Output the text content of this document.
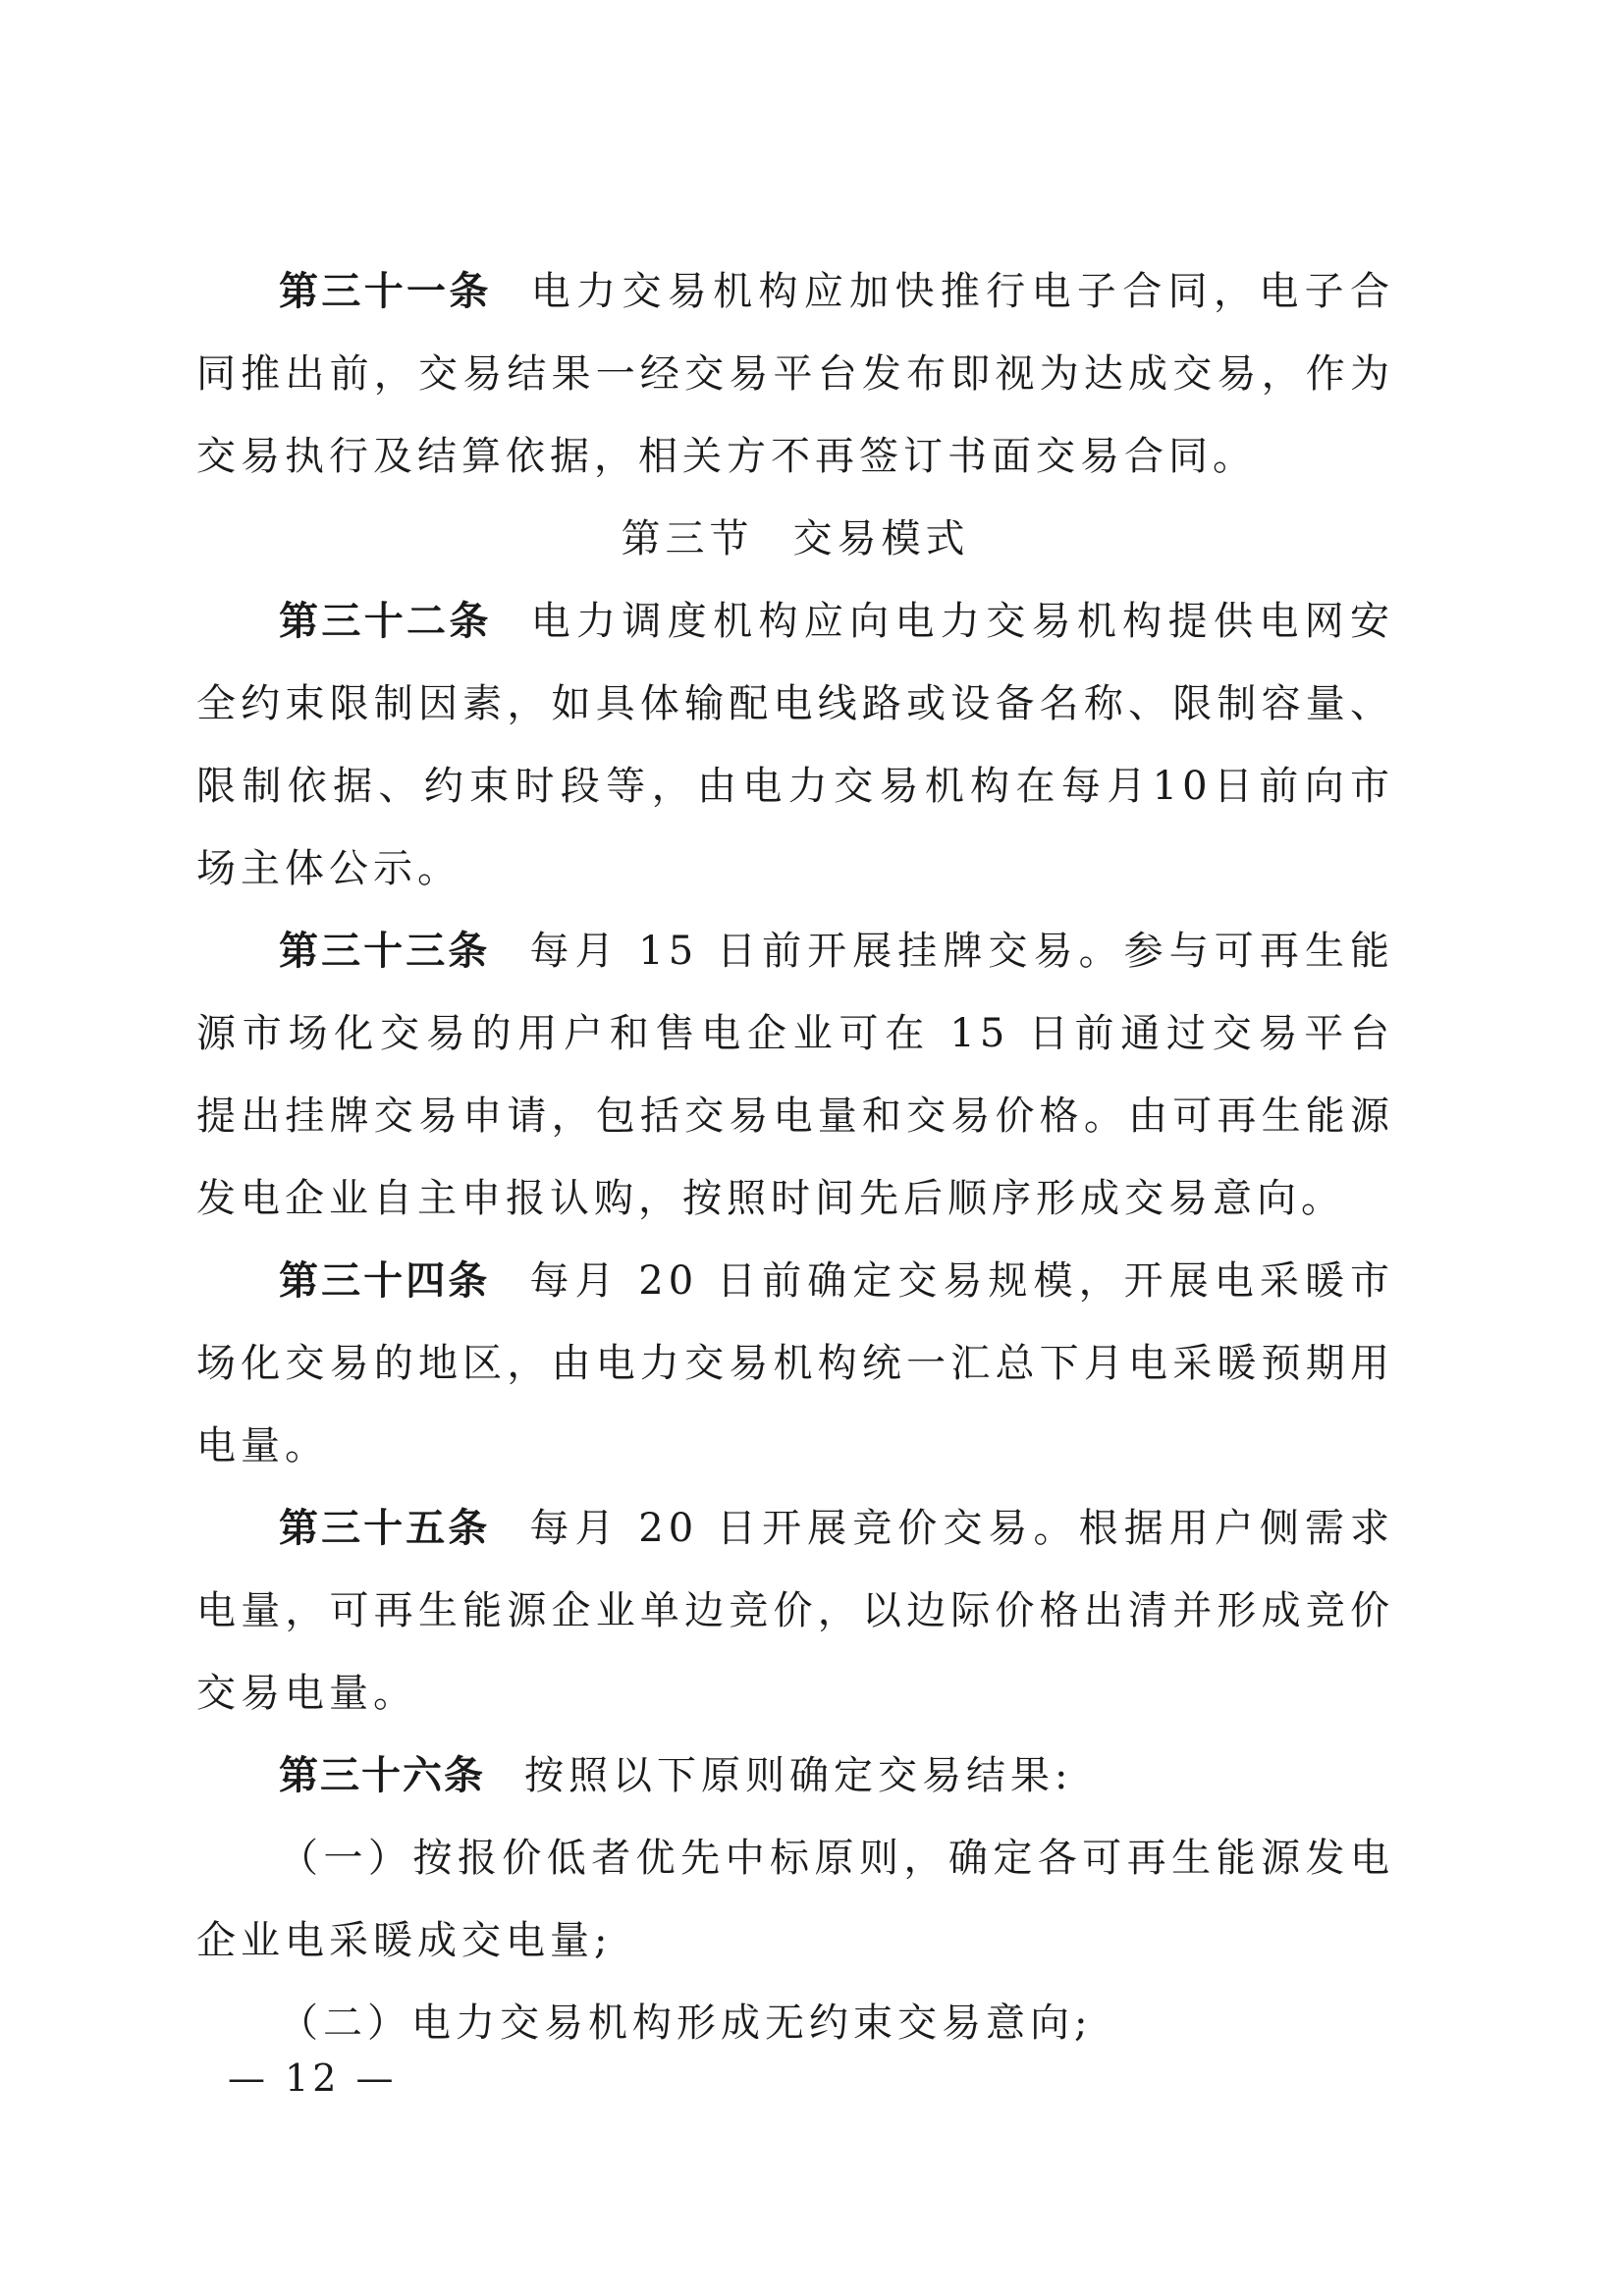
第三十一条 电力交易机构应加快推行电子合同，电子合同推出前，交易结果一经交易平台发布即视为达成交易，作为交易执行及结算依据，相关方不再签订书面交易合同。

第三节 交易模式

第三十二条 电力调度机构应向电力交易机构提供电网安全约束限制因素，如具体输配电线路或设备名称、限制容量、限制依据、约束时段等，由电力交易机构在每月10日前向市场主体公示。

第三十三条 每月 15 日前开展挂牌交易。参与可再生能源市场化交易的用户和售电企业可在 15 日前通过交易平台提出挂牌交易申请，包括交易电量和交易价格。由可再生能源发电企业自主申报认购，按照时间先后顺序形成交易意向。

第三十四条 每月 20 日前确定交易规模，开展电采暖市场化交易的地区，由电力交易机构统一汇总下月电采暖预期用电量。

第三十五条 每月 20 日开展竞价交易。根据用户侧需求电量，可再生能源企业单边竞价，以边际价格出清并形成竞价交易电量。

第三十六条 按照以下原则确定交易结果:

（一）按报价低者优先中标原则，确定各可再生能源发电企业电采暖成交电量;

（二）电力交易机构形成无约束交易意向;

— 12 —
